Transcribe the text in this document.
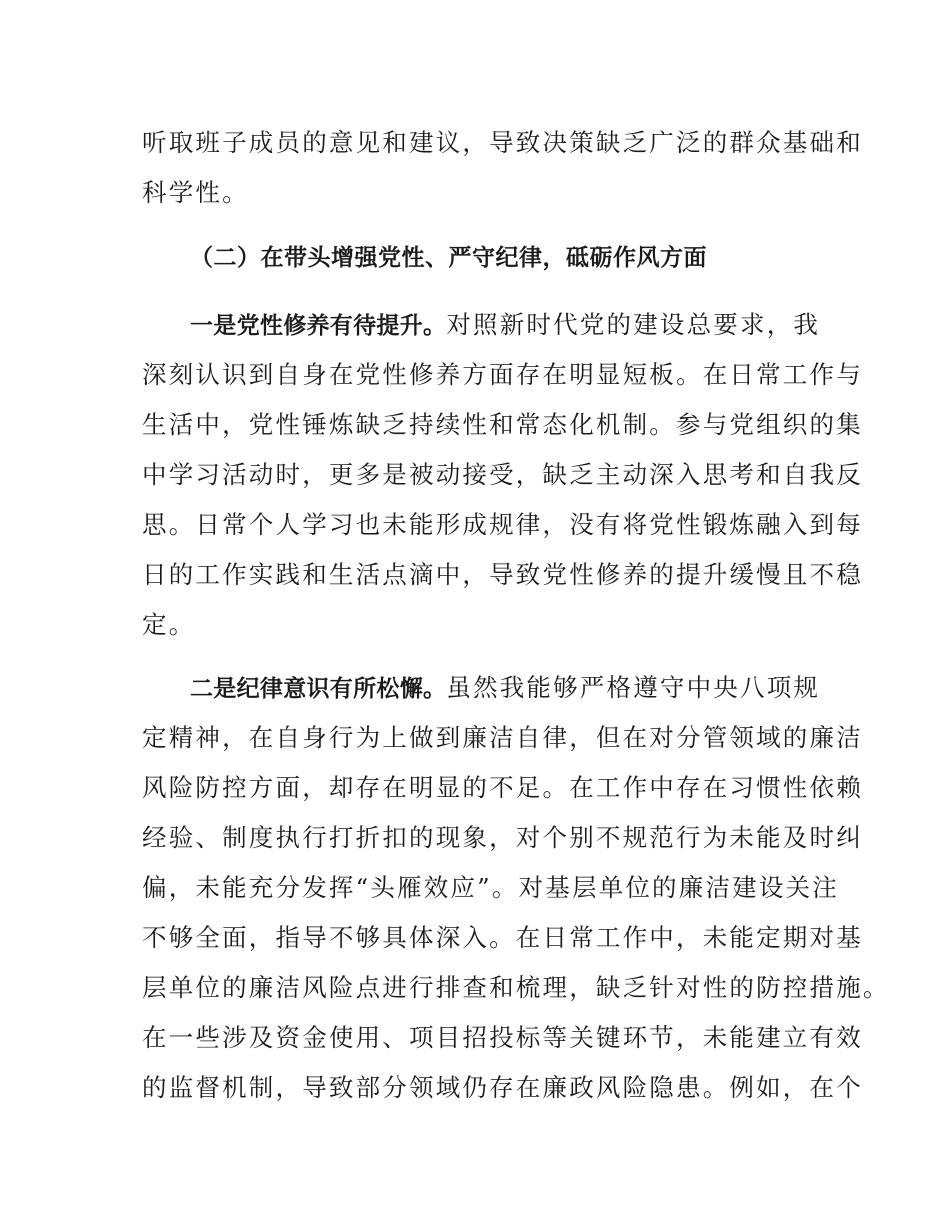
听取班子成员的意见和建议，导致决策缺乏广泛的群众基础和
科学性。
（二）在带头增强党性、严守纪律，砥砺作风方面
一是党性修养有待提升。对照新时代党的建设总要求，我
深刻认识到自身在党性修养方面存在明显短板。在日常工作与
生活中，党性锤炼缺乏持续性和常态化机制。参与党组织的集
中学习活动时，更多是被动接受，缺乏主动深入思考和自我反
思。日常个人学习也未能形成规律，没有将党性锻炼融入到每
日的工作实践和生活点滴中，导致党性修养的提升缓慢且不稳
定。
二是纪律意识有所松懈。虽然我能够严格遵守中央八项规
定精神，在自身行为上做到廉洁自律，但在对分管领域的廉洁
风险防控方面，却存在明显的不足。在工作中存在习惯性依赖
经验、制度执行打折扣的现象，对个别不规范行为未能及时纠
偏，未能充分发挥“头雁效应”。对基层单位的廉洁建设关注
不够全面，指导不够具体深入。在日常工作中，未能定期对基
层单位的廉洁风险点进行排查和梳理，缺乏针对性的防控措施。
在一些涉及资金使用、项目招投标等关键环节，未能建立有效
的监督机制，导致部分领域仍存在廉政风险隐患。例如，在个
